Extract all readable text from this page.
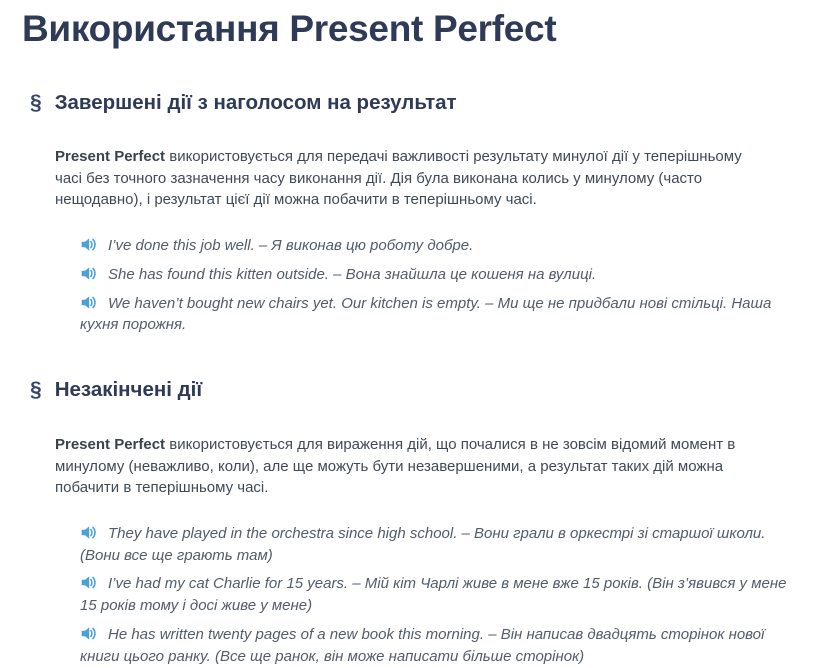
Використання Present Perfect
§ Завершені дії з наголосом на результат

Present Perfect використовується для передачі важливості результату минулої дії у теперішньому часі без точного зазначення часу виконання дії. Дія була виконана колись у минулому (часто нещодавно), і результат цієї дії можна побачити в теперішньому часі.

I’ve done this job well. – Я виконав цю роботу добре.
She has found this kitten outside. – Вона знайшла це кошеня на вулиці.
We haven’t bought new chairs yet. Our kitchen is empty. – Ми ще не придбали нові стільці. Наша кухня порожня.
§ Незакінчені дії

Present Perfect використовується для вираження дій, що почалися в не зовсім відомий момент в минулому (неважливо, коли), але ще можуть бути незавершеними, а результат таких дій можна побачити в теперішньому часі.

They have played in the orchestra since high school. – Вони грали в оркестрі зі старшої школи. (Вони все ще грають там)
I’ve had my cat Charlie for 15 years. – Мій кіт Чарлі живе в мене вже 15 років. (Він з’явився у мене 15 років тому і досі живе у мене)
He has written twenty pages of a new book this morning. – Він написав двадцять сторінок нової книги цього ранку. (Все ще ранок, він може написати більше сторінок)
